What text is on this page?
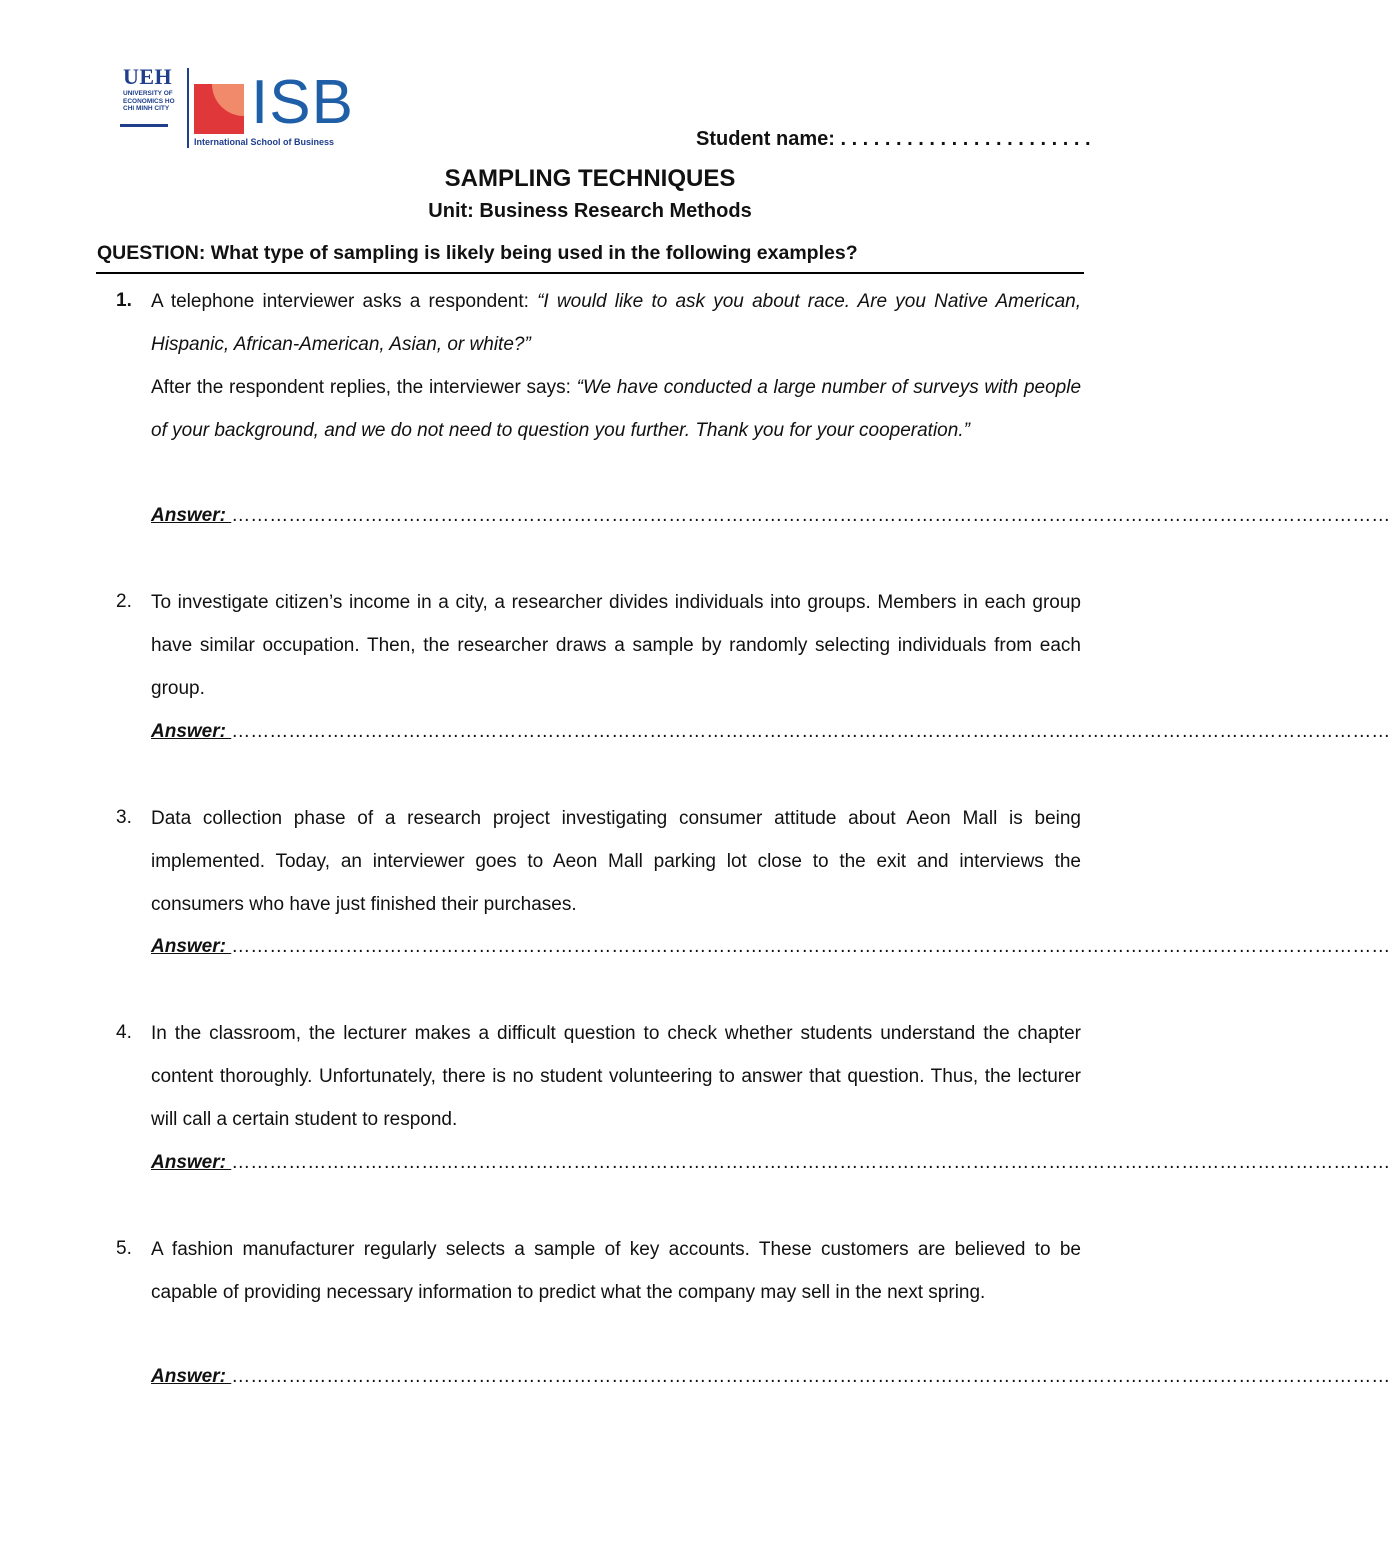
UEH
UNIVERSITY OF ECONOMICS HO CHI MINH CITY ISB
International School of Business	Student name: . . . . . . . . . . . . . . . . . . . . . . .
SAMPLING TECHNIQUES
Unit: Business Research Methods
QUESTION: What type of sampling is likely being used in the following examples?
1. A telephone interviewer asks a respondent: “I would like to ask you about race. Are you Native American, Hispanic, African-American, Asian, or white?”
After the respondent replies, the interviewer says: “We have conducted a large number of surveys with people of your background, and we do not need to question you further. Thank you for your cooperation.”
Answer: …………………………………………………………………………………………………………………………………………………………………
2. To investigate citizen’s income in a city, a researcher divides individuals into groups. Members in each group have similar occupation. Then, the researcher draws a sample by randomly selecting individuals from each group.
Answer: …………………………………………………………………………………………………………………………………………………………………
3. Data collection phase of a research project investigating consumer attitude about Aeon Mall is being implemented. Today, an interviewer goes to Aeon Mall parking lot close to the exit and interviews the consumers who have just finished their purchases.
Answer: …………………………………………………………………………………………………………………………………………………………………
4. In the classroom, the lecturer makes a difficult question to check whether students understand the chapter content thoroughly. Unfortunately, there is no student volunteering to answer that question. Thus, the lecturer will call a certain student to respond.
Answer: …………………………………………………………………………………………………………………………………………………………………
5. A fashion manufacturer regularly selects a sample of key accounts. These customers are believed to be capable of providing necessary information to predict what the company may sell in the next spring.
Answer: …………………………………………………………………………………………………………………………………………………………………
